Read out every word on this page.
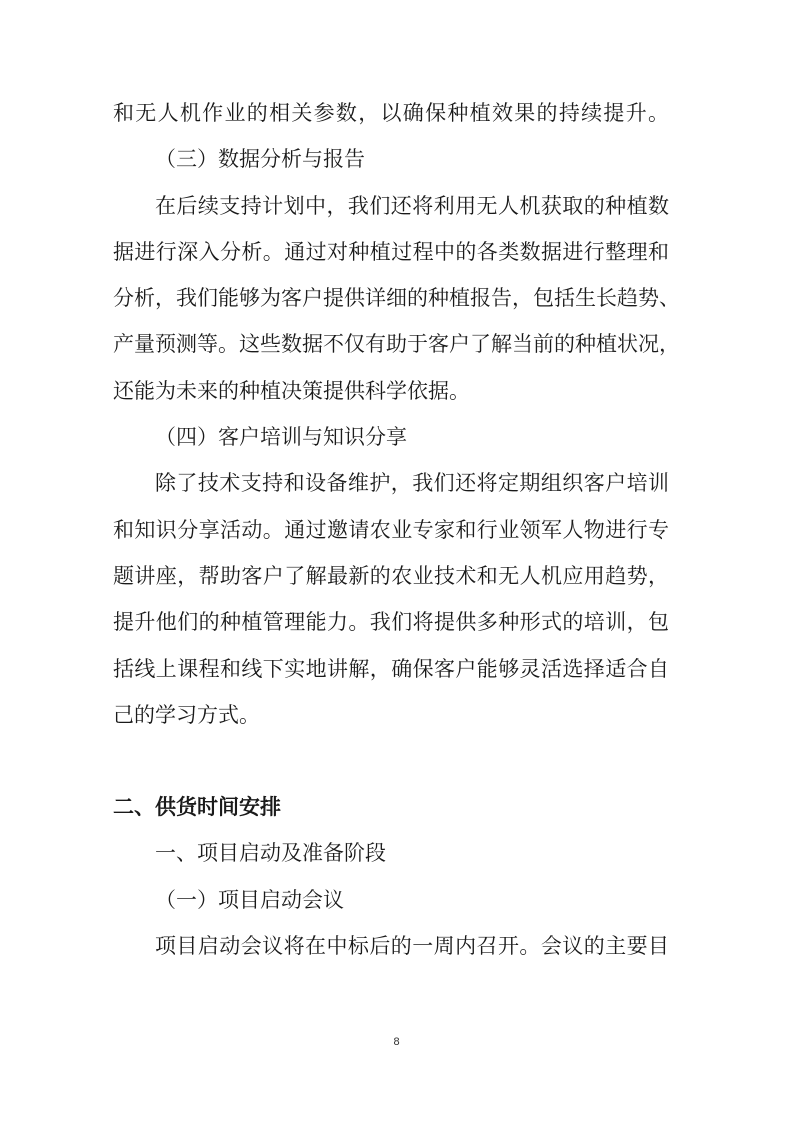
和无人机作业的相关参数，以确保种植效果的持续提升。
（三）数据分析与报告
在后续支持计划中，我们还将利用无人机获取的种植数
据进行深入分析。通过对种植过程中的各类数据进行整理和
分析，我们能够为客户提供详细的种植报告，包括生长趋势、
产量预测等。这些数据不仅有助于客户了解当前的种植状况，
还能为未来的种植决策提供科学依据。
（四）客户培训与知识分享
除了技术支持和设备维护，我们还将定期组织客户培训
和知识分享活动。通过邀请农业专家和行业领军人物进行专
题讲座，帮助客户了解最新的农业技术和无人机应用趋势，
提升他们的种植管理能力。我们将提供多种形式的培训，包
括线上课程和线下实地讲解，确保客户能够灵活选择适合自
己的学习方式。
二、供货时间安排
一、项目启动及准备阶段
（一）项目启动会议
项目启动会议将在中标后的一周内召开。会议的主要目
8
